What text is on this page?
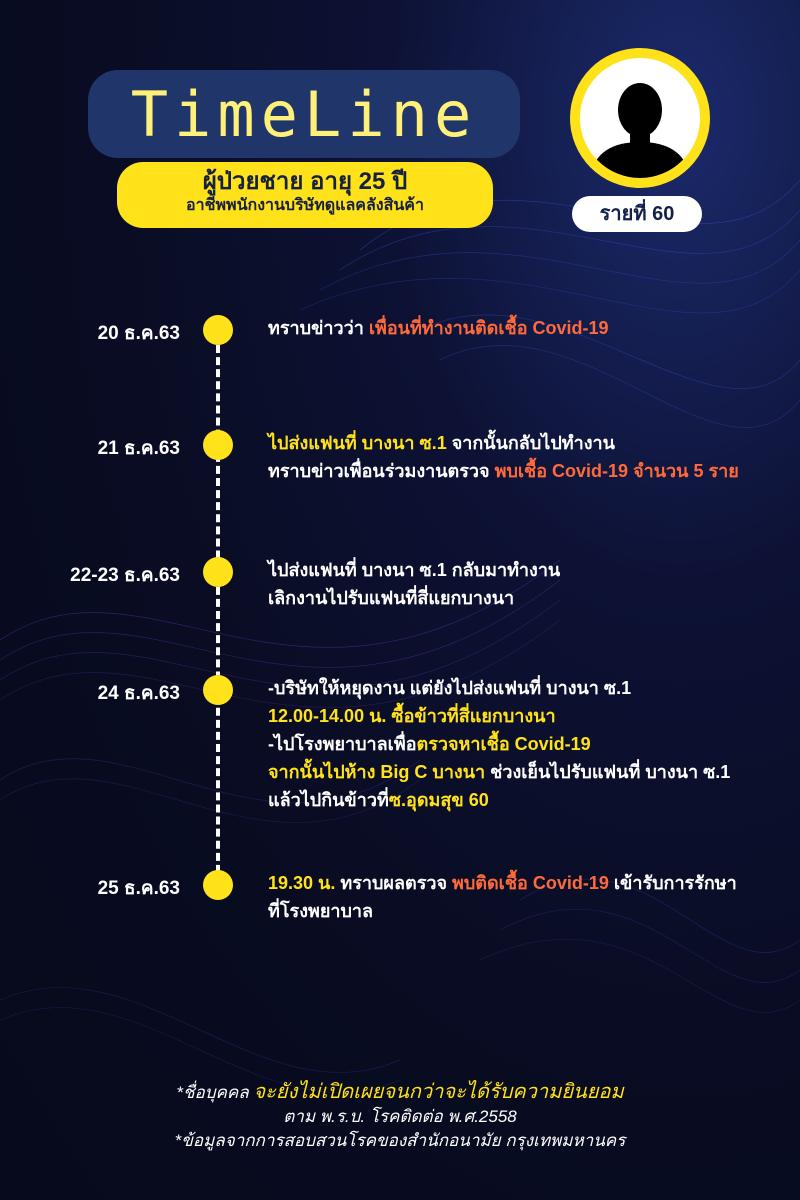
TimeLine
ผู้ป่วยชาย อายุ 25 ปี
อาชีพพนักงานบริษัทดูแลคลังสินค้า	รายที่ 60
20 ธ.ค.63	ทราบข่าวว่า เพื่อนที่ทำงานติดเชื้อ Covid-19
21 ธ.ค.63	ไปส่งแฟนที่ บางนา ซ.1 จากนั้นกลับไปทำงาน
ทราบข่าวเพื่อนร่วมงานตรวจ พบเชื้อ Covid-19 จำนวน 5 ราย
22-23 ธ.ค.63	ไปส่งแฟนที่ บางนา ซ.1 กลับมาทำงาน
เลิกงานไปรับแฟนที่สี่แยกบางนา
24 ธ.ค.63	-บริษัทให้หยุดงาน แต่ยังไปส่งแฟนที่ บางนา ซ.1
12.00-14.00 น. ซื้อข้าวที่สี่แยกบางนา
-ไปโรงพยาบาลเพื่อตรวจหาเชื้อ Covid-19
จากนั้นไปห้าง Big C บางนา ช่วงเย็นไปรับแฟนที่ บางนา ซ.1
แล้วไปกินข้าวที่ซ.อุดมสุข 60
25 ธ.ค.63	19.30 น. ทราบผลตรวจ พบติดเชื้อ Covid-19 เข้ารับการรักษา
ที่โรงพยาบาล
*ชื่อบุคคล จะยังไม่เปิดเผยจนกว่าจะได้รับความยินยอม
ตาม พ.ร.บ. โรคติดต่อ พ.ศ.2558
*ข้อมูลจากการสอบสวนโรคของสำนักอนามัย กรุงเทพมหานคร
